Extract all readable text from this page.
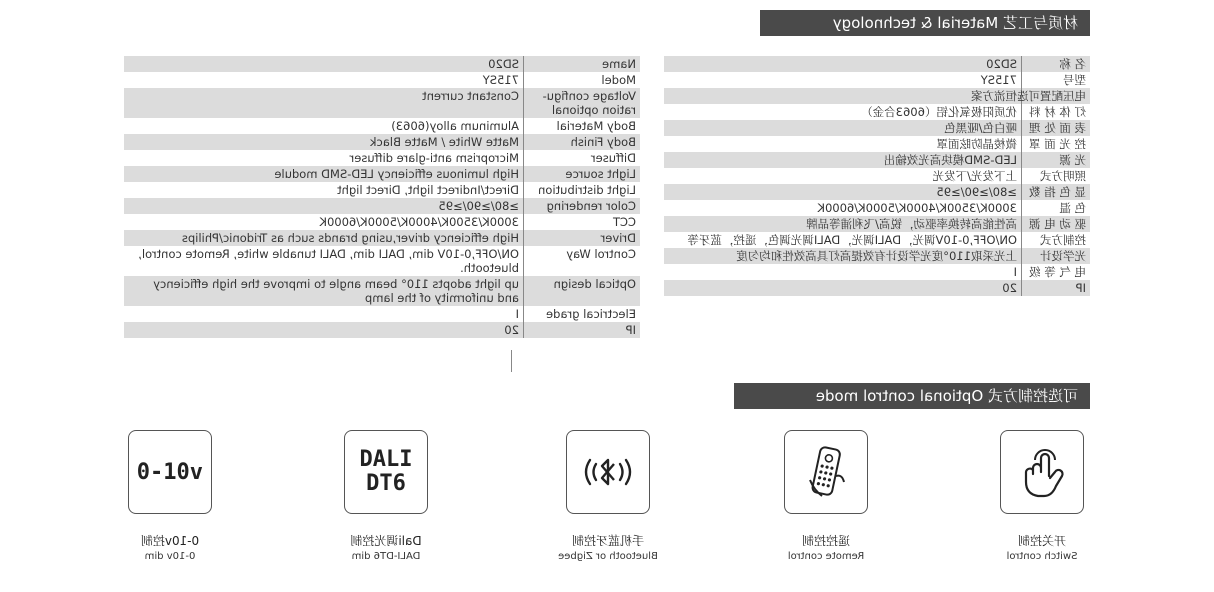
材质与工艺 Material & technology
名 称	SD20
型号	715SY
电压配置可选	恒流方案
灯 体 材 料	优质阳极氧化铝（6063合金）
表 面 处 理	哑白色/哑黑色
控 光 面 罩	微棱晶防眩面罩
光 源	LED-SMD模块高光效输出
照明方式	上下发光/下发光
显 色 指 数	≥80/≥90/≥95
色 温	3000K/3500K/4000K/5000K/6000K
驱 动 电 源	高性能高转换率驱动，锐高/飞利浦等品牌
控制方式	ON/OFF,0-10V调光，DALI调光，DALI调光调色，遥控，蓝牙等
光学设计	上光采取110°度光学设计有效提高灯具高效性和均匀度
电 气 等 级	I
IP	20
Name	SD20
Model	715SY
Voltage configu-ration optional	Constant current
Body Material	Aluminum alloy(6063)
Body Finish	Matte White / Matte Black
Diffuser	Microprism anti-glare diffuser
Light source	High luminous efficiency LED-SMD module
Light distribution	Direct/Indirect light, Direct light
Color rendering	≥80/≥90/≥95
CCT	3000K/3500K/4000K/5000K/6000K
Driver	High efficiency driver,using brands such as Tridonic/Philips
Control Way	ON/OFF,0-10V dim, DALI dim, DALI tunable white, Remote control, bluetooth.
Optical design	up light adopts 110° beam angle to improve the high efficiency and uniformity of the lamp
Electrical grade	I
IP	20
可选控制方式 Optional control mode
DALI DT6
0-10v
开关控制
Switch control
遥控控制
Remote control
手机蓝牙控制
Bluetooth or Zigbee
Dali调光控制
DALI-DT6 dim
0-10v控制
0-10v dim
